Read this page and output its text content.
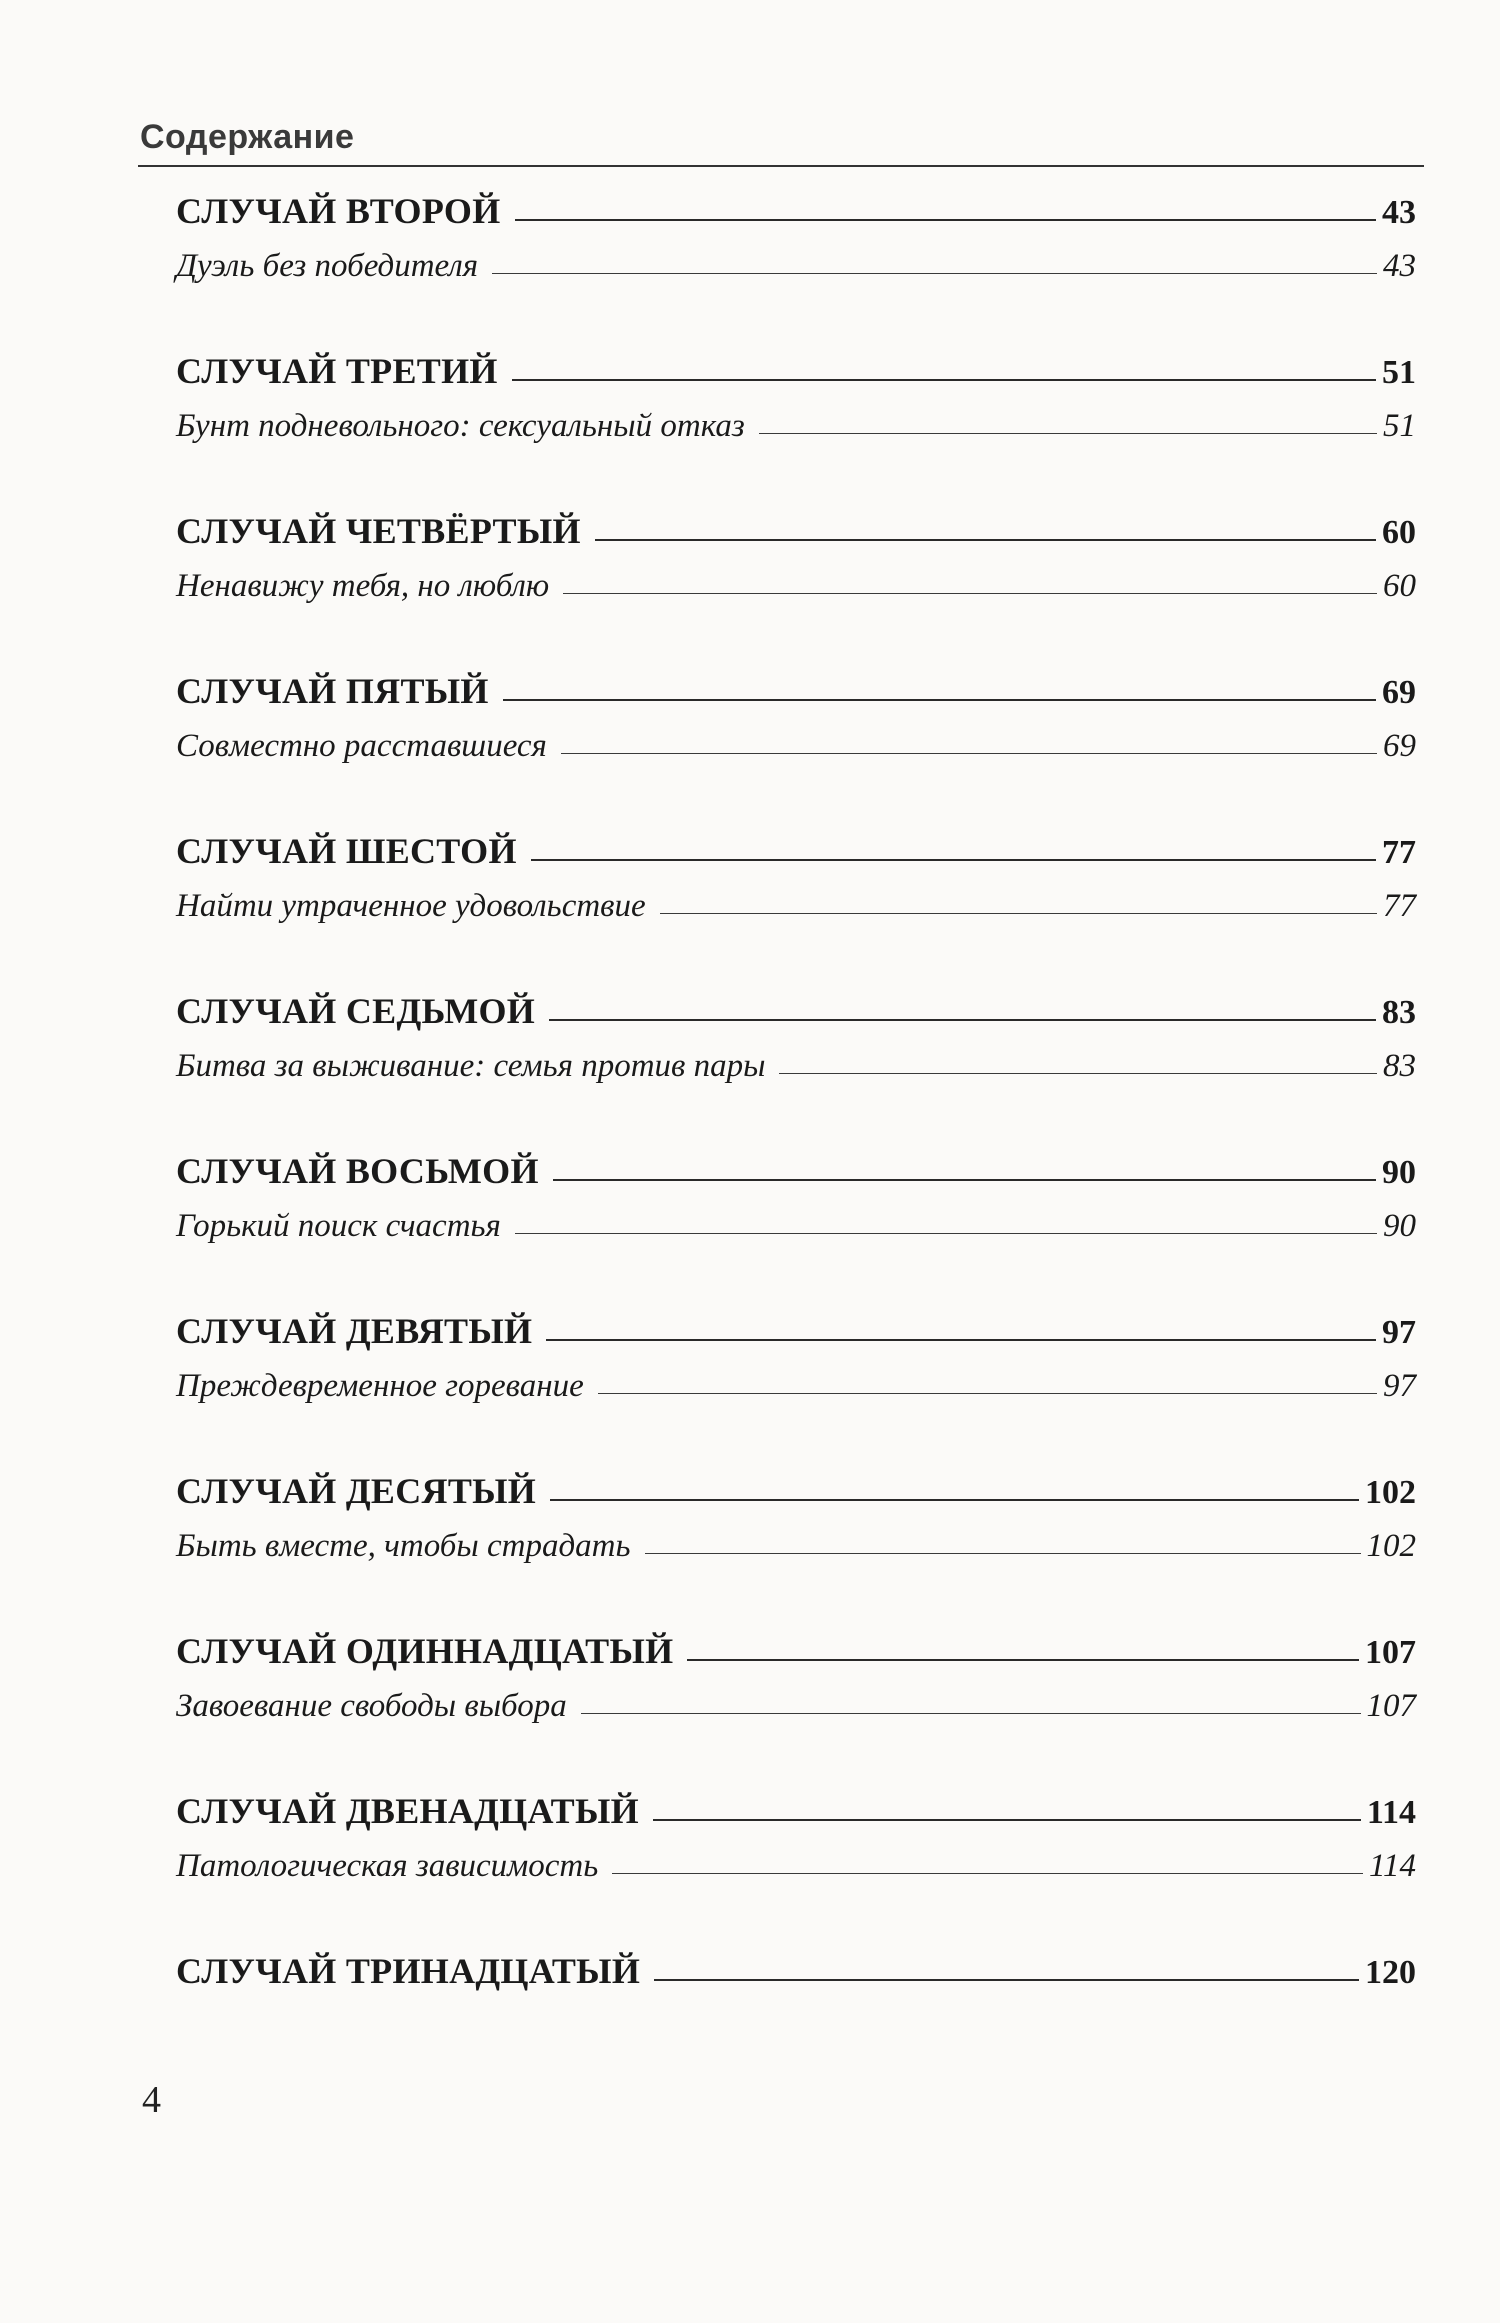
Содержание
СЛУЧАЙ ВТОРОЙ	43
Дуэль без победителя	43
СЛУЧАЙ ТРЕТИЙ	51
Бунт подневольного: сексуальный отказ	51
СЛУЧАЙ ЧЕТВЁРТЫЙ	60
Ненавижу тебя, но люблю	60
СЛУЧАЙ ПЯТЫЙ	69
Совместно расставшиеся	69
СЛУЧАЙ ШЕСТОЙ	77
Найти утраченное удовольствие	77
СЛУЧАЙ СЕДЬМОЙ	83
Битва за выживание: семья против пары	83
СЛУЧАЙ ВОСЬМОЙ	90
Горький поиск счастья	90
СЛУЧАЙ ДЕВЯТЫЙ	97
Преждевременное горевание	97
СЛУЧАЙ ДЕСЯТЫЙ	102
Быть вместе, чтобы страдать	102
СЛУЧАЙ ОДИННАДЦАТЫЙ	107
Завоевание свободы выбора	107
СЛУЧАЙ ДВЕНАДЦАТЫЙ	114
Патологическая зависимость	114
СЛУЧАЙ ТРИНАДЦАТЫЙ	120
4
